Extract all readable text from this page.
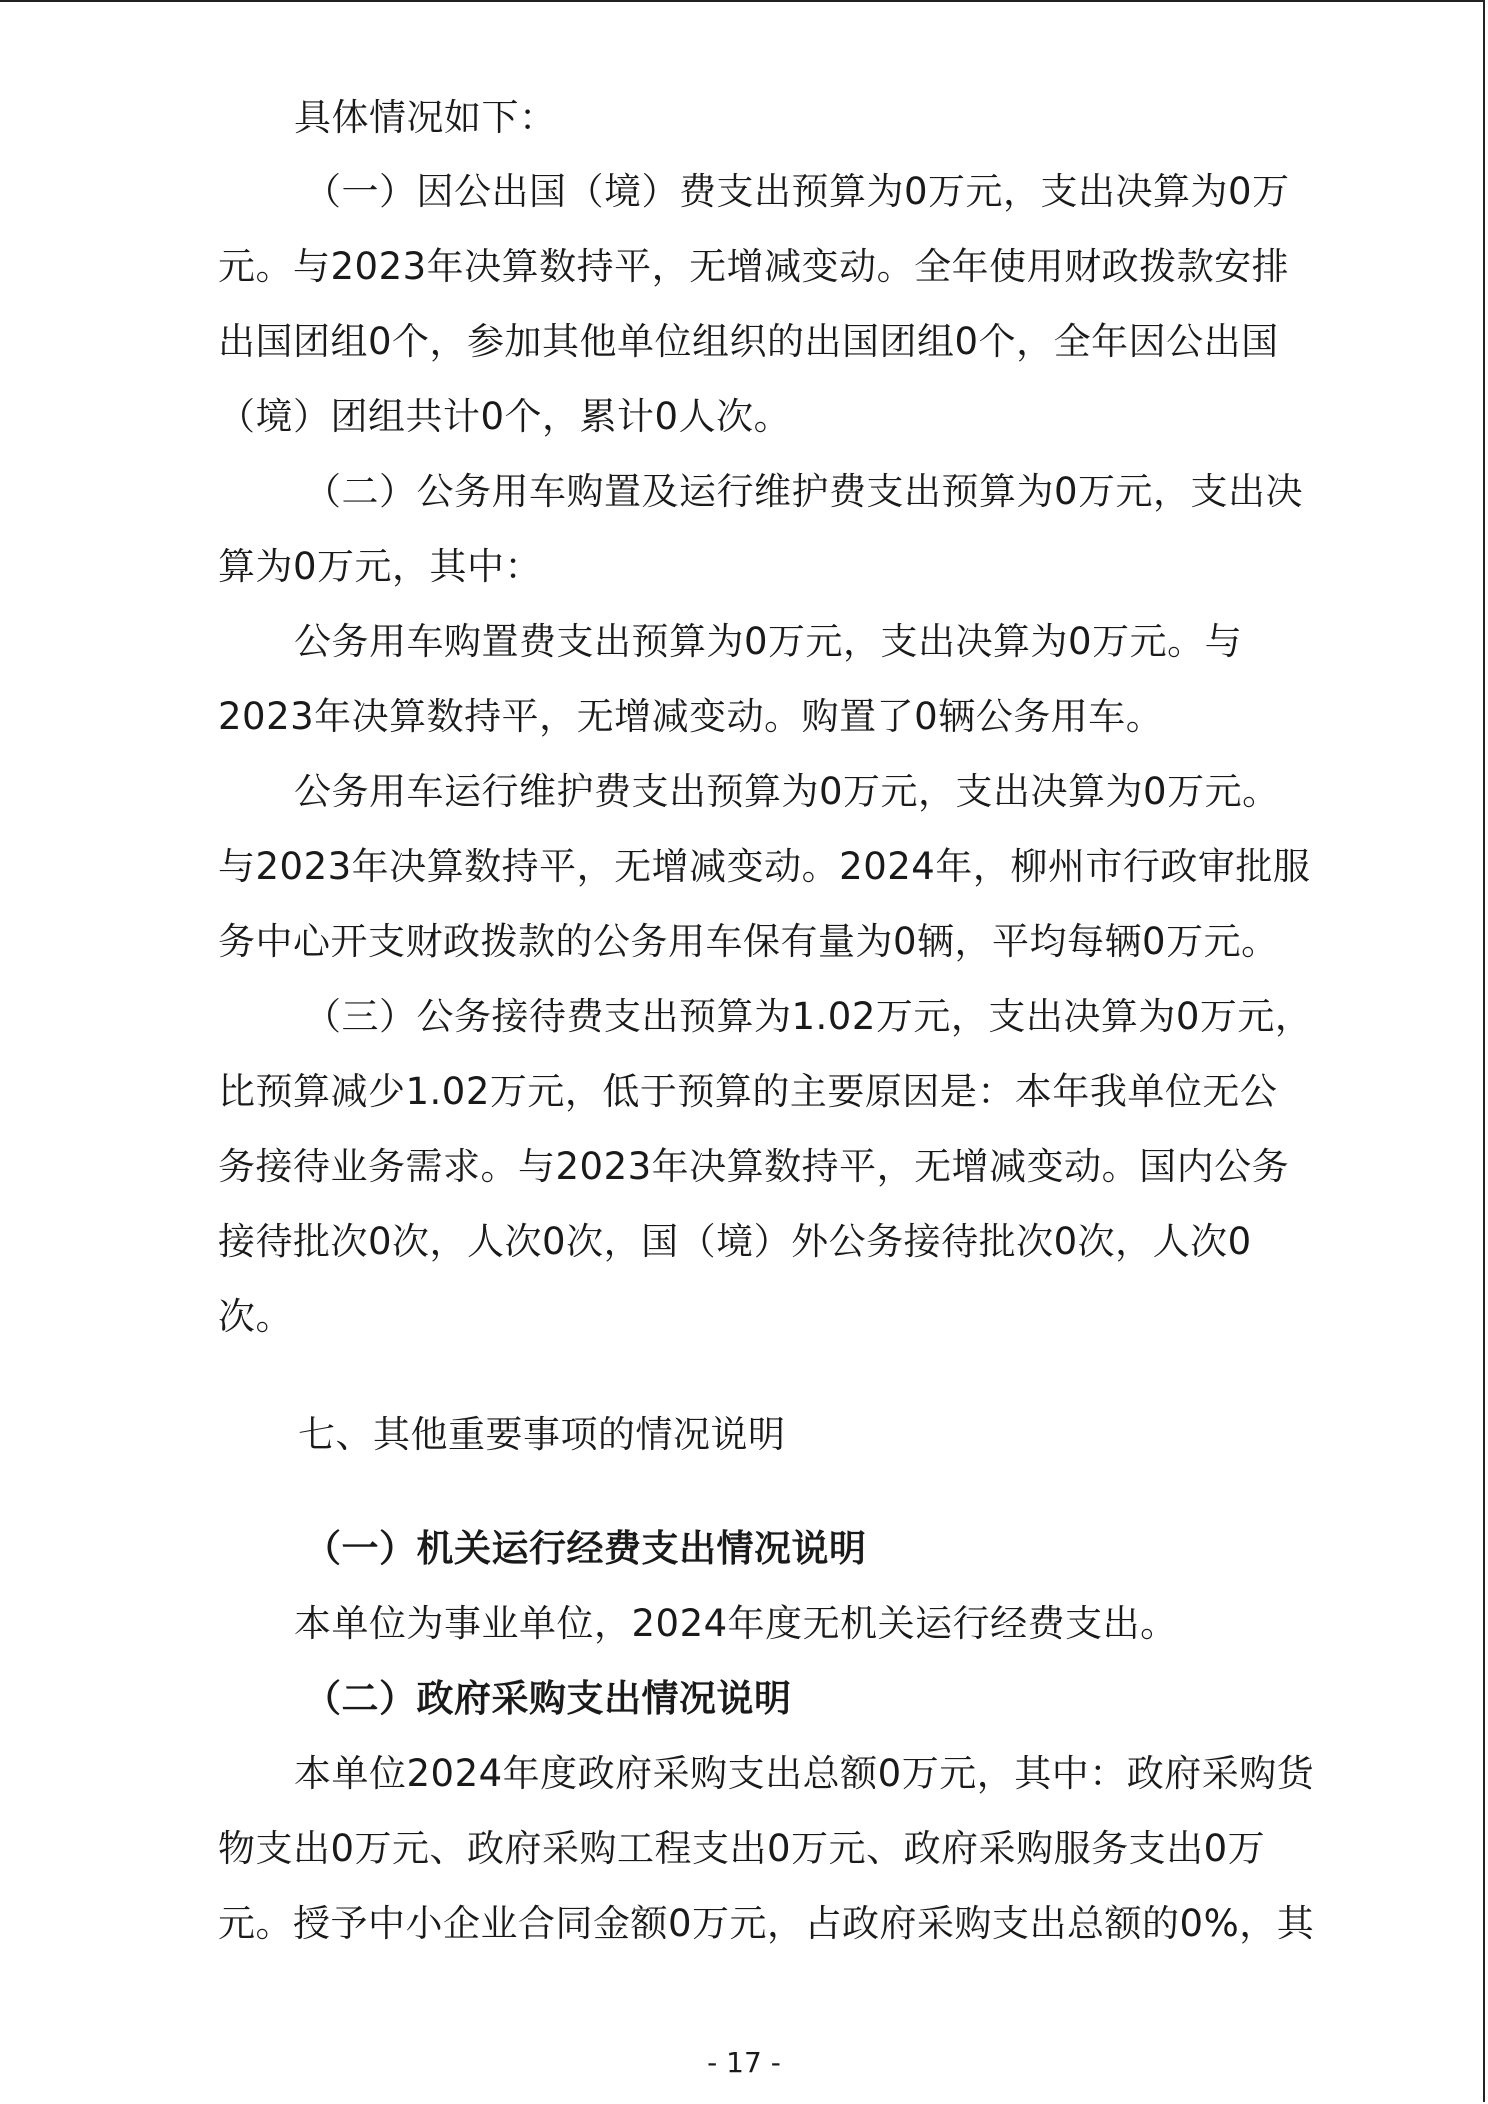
具体情况如下：
（一）因公出国（境）费支出预算为0万元，支出决算为0万
元。与2023年决算数持平，无增减变动。全年使用财政拨款安排
出国团组0个，参加其他单位组织的出国团组0个，全年因公出国
（境）团组共计0个，累计0人次。
（二）公务用车购置及运行维护费支出预算为0万元，支出决
算为0万元，其中：
公务用车购置费支出预算为0万元，支出决算为0万元。与
2023年决算数持平，无增减变动。购置了0辆公务用车。
公务用车运行维护费支出预算为0万元，支出决算为0万元。
与2023年决算数持平，无增减变动。2024年，柳州市行政审批服
务中心开支财政拨款的公务用车保有量为0辆，平均每辆0万元。
（三）公务接待费支出预算为1.02万元，支出决算为0万元，
比预算减少1.02万元，低于预算的主要原因是：本年我单位无公
务接待业务需求。与2023年决算数持平，无增减变动。国内公务
接待批次0次，人次0次，国（境）外公务接待批次0次，人次0
次。
七、其他重要事项的情况说明
（一）机关运行经费支出情况说明
本单位为事业单位，2024年度无机关运行经费支出。
（二）政府采购支出情况说明
本单位2024年度政府采购支出总额0万元，其中：政府采购货
物支出0万元、政府采购工程支出0万元、政府采购服务支出0万
元。授予中小企业合同金额0万元，占政府采购支出总额的0%，其
- 17 -
